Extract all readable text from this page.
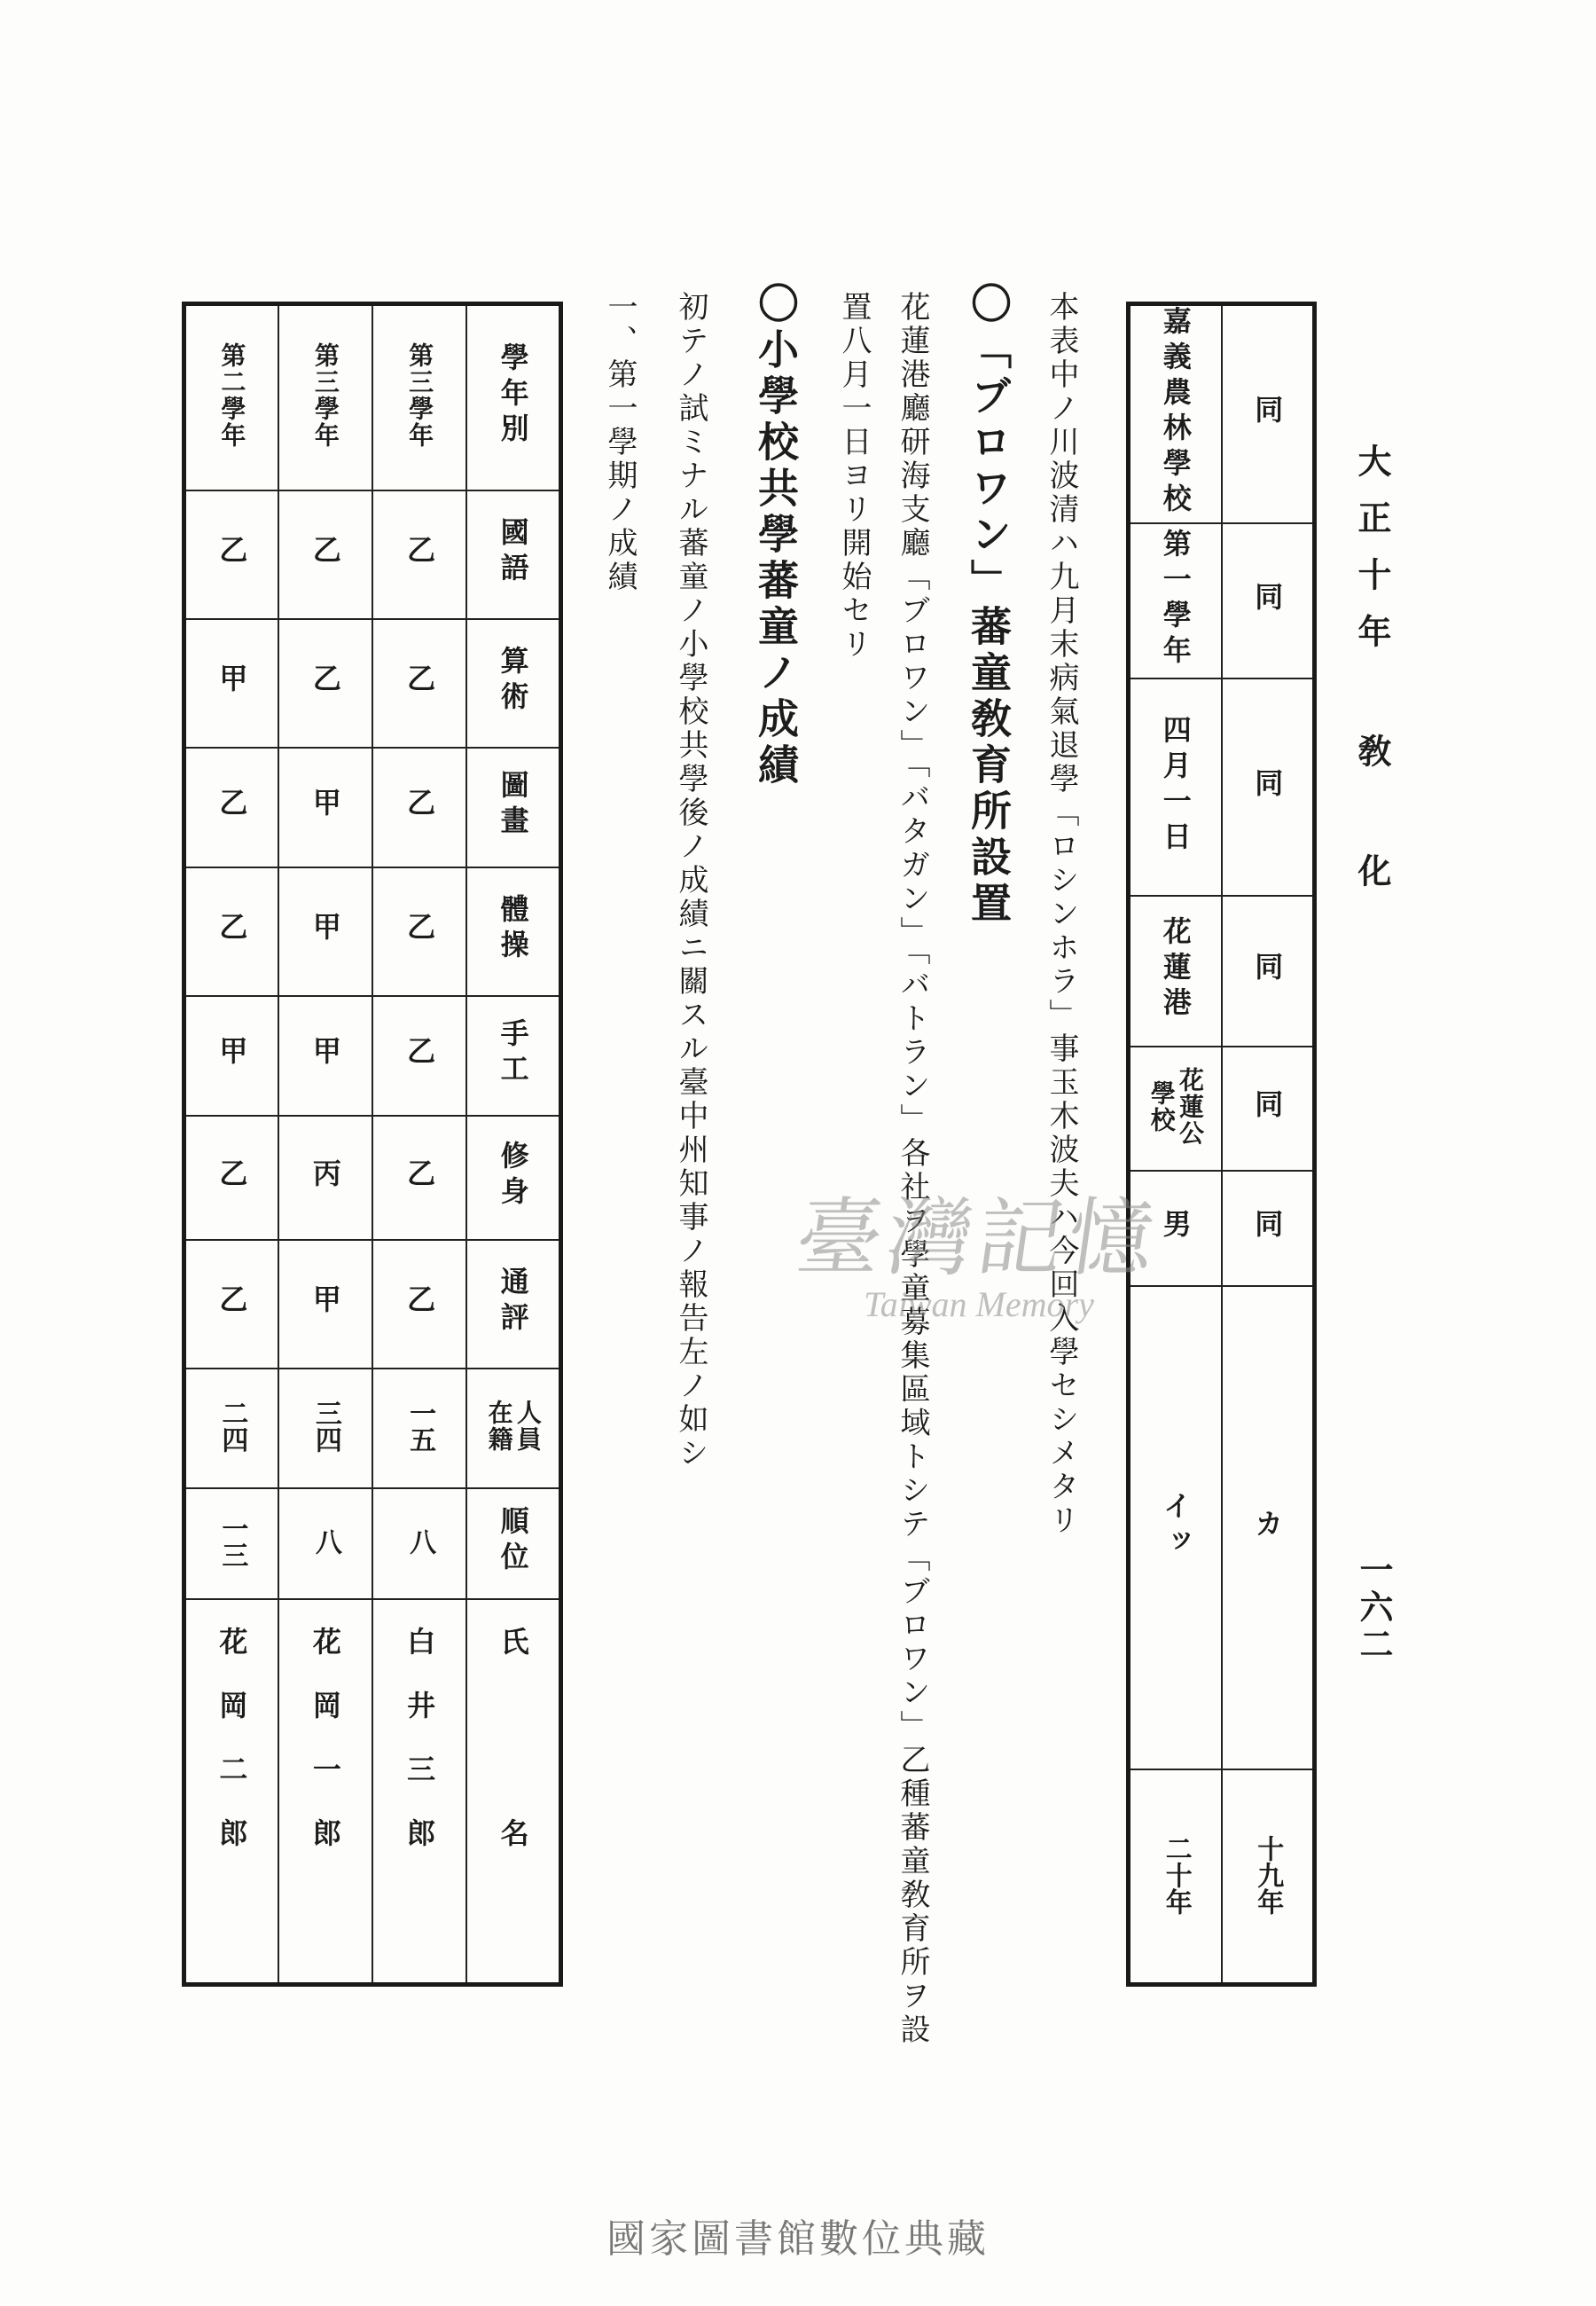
大正十年 敎 化
一六二
嘉義農林學校	同
第一學年	同
四月一日	同
花蓮港	同
花蓮公學校	同
男	同
イッ	カ
二十年	十九年
本表中ノ川波清ハ九月末病氣退學「ロシンホラ」事玉木波夫ハ今回入學セシメタリ
〇「ブロワン」蕃童敎育所設置
花蓮港廳研海支廳「ブロワン」「バタガン」「バトラン」各社ヲ學童募集區域トシテ「ブロワン」乙種蕃童敎育所ヲ設
置八月一日ヨリ開始セリ
〇小學校共學蕃童ノ成績
初テノ試ミナル蕃童ノ小學校共學後ノ成績ニ關スル臺中州知事ノ報告左ノ如シ
一、第一學期ノ成績
第二學年	第三學年	第三學年	學年別
乙	乙	乙	國語
甲	乙	乙	算術
乙	甲	乙	圖畫
乙	甲	乙	體操
甲	甲	乙	手工
乙	丙	乙	修身
乙	甲	乙	通評
二四	三四	一五	在籍人員
一三	八	八	順位
花岡二郎	花岡一郎	白井三郎	氏　　名
臺灣記憶
Taiwan Memory
國家圖書館數位典藏
